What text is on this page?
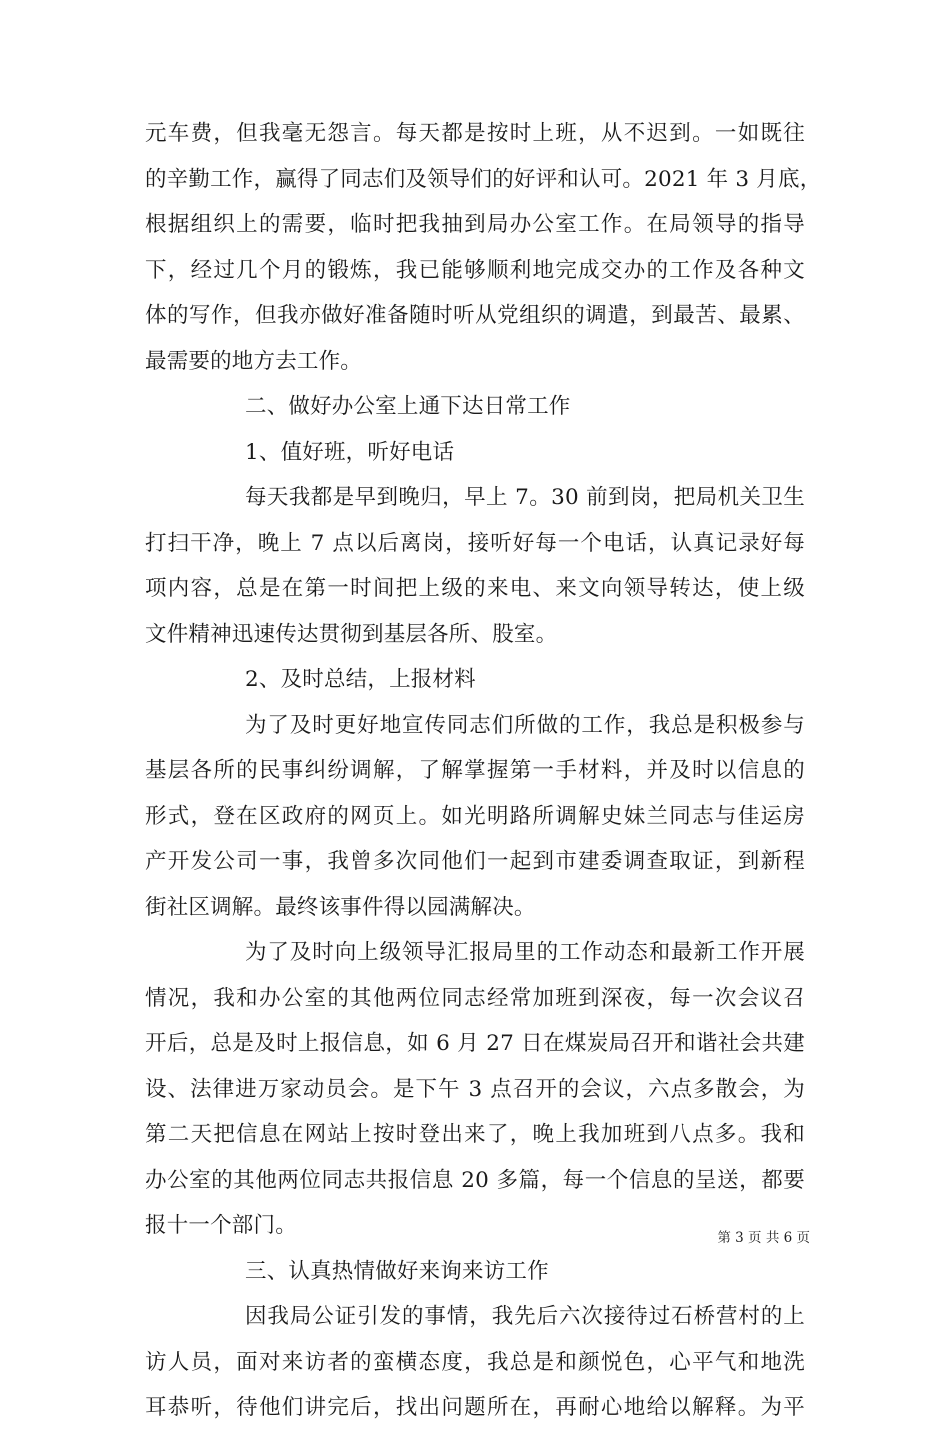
元车费，但我毫无怨言。每天都是按时上班，从不迟到。一如既往
的辛勤工作，赢得了同志们及领导们的好评和认可。2021 年 3 月底，
根据组织上的需要，临时把我抽到局办公室工作。在局领导的指导
下，经过几个月的锻炼，我已能够顺利地完成交办的工作及各种文
体的写作，但我亦做好准备随时听从党组织的调遣，到最苦、最累、
最需要的地方去工作。
二、做好办公室上通下达日常工作
1、值好班，听好电话
每天我都是早到晚归，早上 7。30 前到岗，把局机关卫生
打扫干净，晚上 7 点以后离岗，接听好每一个电话，认真记录好每
项内容，总是在第一时间把上级的来电、来文向领导转达，使上级
文件精神迅速传达贯彻到基层各所、股室。
2、及时总结，上报材料
为了及时更好地宣传同志们所做的工作，我总是积极参与
基层各所的民事纠纷调解，了解掌握第一手材料，并及时以信息的
形式，登在区政府的网页上。如光明路所调解史妹兰同志与佳运房
产开发公司一事，我曾多次同他们一起到市建委调查取证，到新程
街社区调解。最终该事件得以园满解决。
为了及时向上级领导汇报局里的工作动态和最新工作开展
情况，我和办公室的其他两位同志经常加班到深夜，每一次会议召
开后，总是及时上报信息，如 6 月 27 日在煤炭局召开和谐社会共建
设、法律进万家动员会。是下午 3 点召开的会议，六点多散会，为
第二天把信息在网站上按时登出来了，晚上我加班到八点多。我和
办公室的其他两位同志共报信息 20 多篇，每一个信息的呈送，都要
报十一个部门。
三、认真热情做好来询来访工作
因我局公证引发的事情，我先后六次接待过石桥营村的上
访人员，面对来访者的蛮横态度，我总是和颜悦色，心平气和地洗
耳恭听，待他们讲完后，找出问题所在，再耐心地给以解释。为平
第 3 页 共 6 页
